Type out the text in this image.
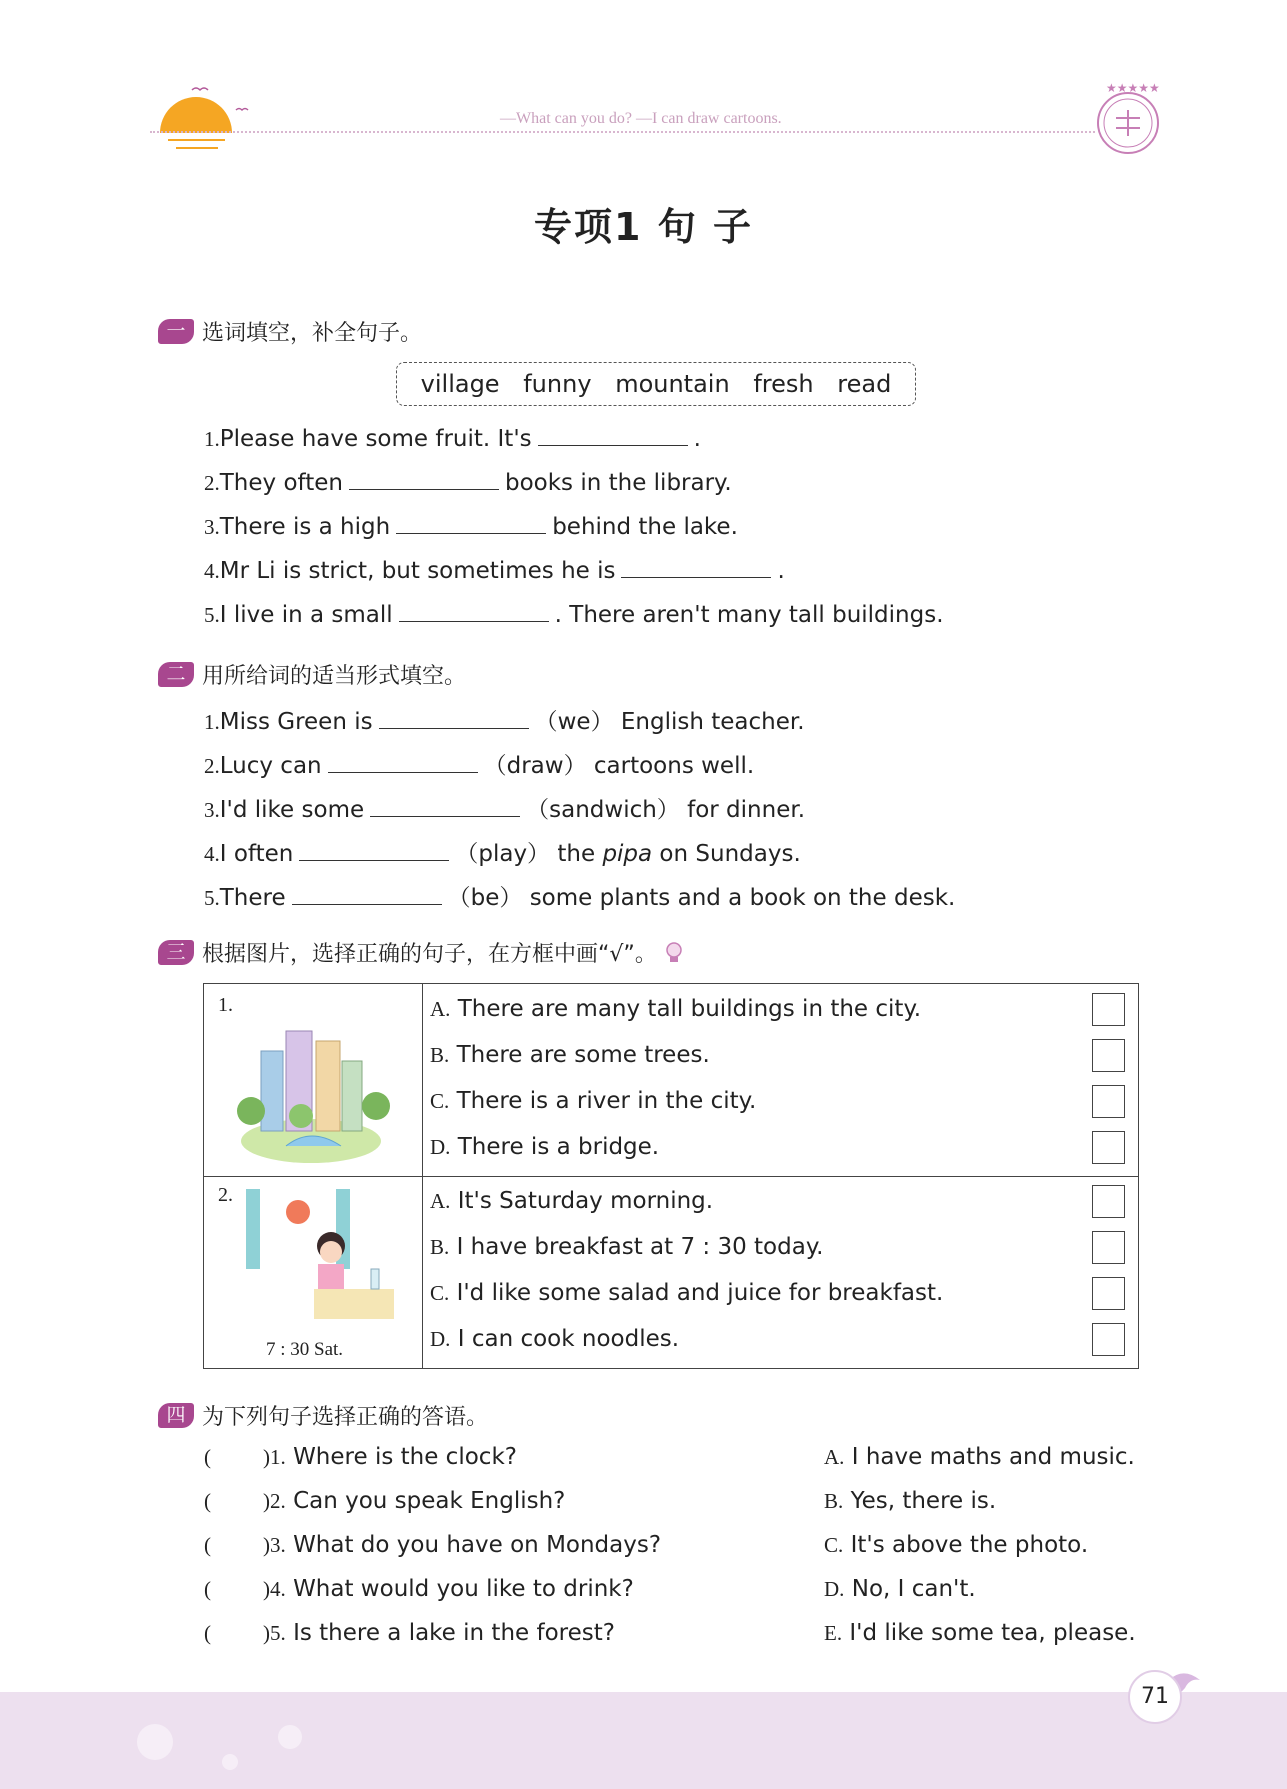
—What can you do? —I can draw cartoons.
★★★★★
专项1 句 子
一 选词填空，补全句子。
village funny mountain fresh read
1.Please have some fruit. It's	.
2.They often	books in the library.
3.There is a high	behind the lake.
4.Mr Li is strict, but sometimes he is	.
5.I live in a small	. There aren't many tall buildings.
二 用所给词的适当形式填空。
1.Miss Green is	（we） English teacher.
2.Lucy can	（draw） cartoons well.
3.I'd like some	（sandwich） for dinner.
4.I often	（play） the pipa on Sundays.
5.There	（be） some plants and a book on the desk.
三 根据图片，选择正确的句子，在方框中画“√”。
1.	A. There are many tall buildings in the city.
B. There are some trees.
C. There is a river in the city.
D. There is a bridge.
2.
7 : 30 Sat.
A. It's Saturday morning.
B. I have breakfast at 7 : 30 today.
C. I'd like some salad and juice for breakfast.
D. I can cook noodles.
四 为下列句子选择正确的答语。
( )1. Where is the clock?
( )2. Can you speak English?
( )3. What do you have on Mondays?
( )4. What would you like to drink?
( )5. Is there a lake in the forest?
A. I have maths and music.
B. Yes, there is.
C. It's above the photo.
D. No, I can't.
E. I'd like some tea, please.
71
